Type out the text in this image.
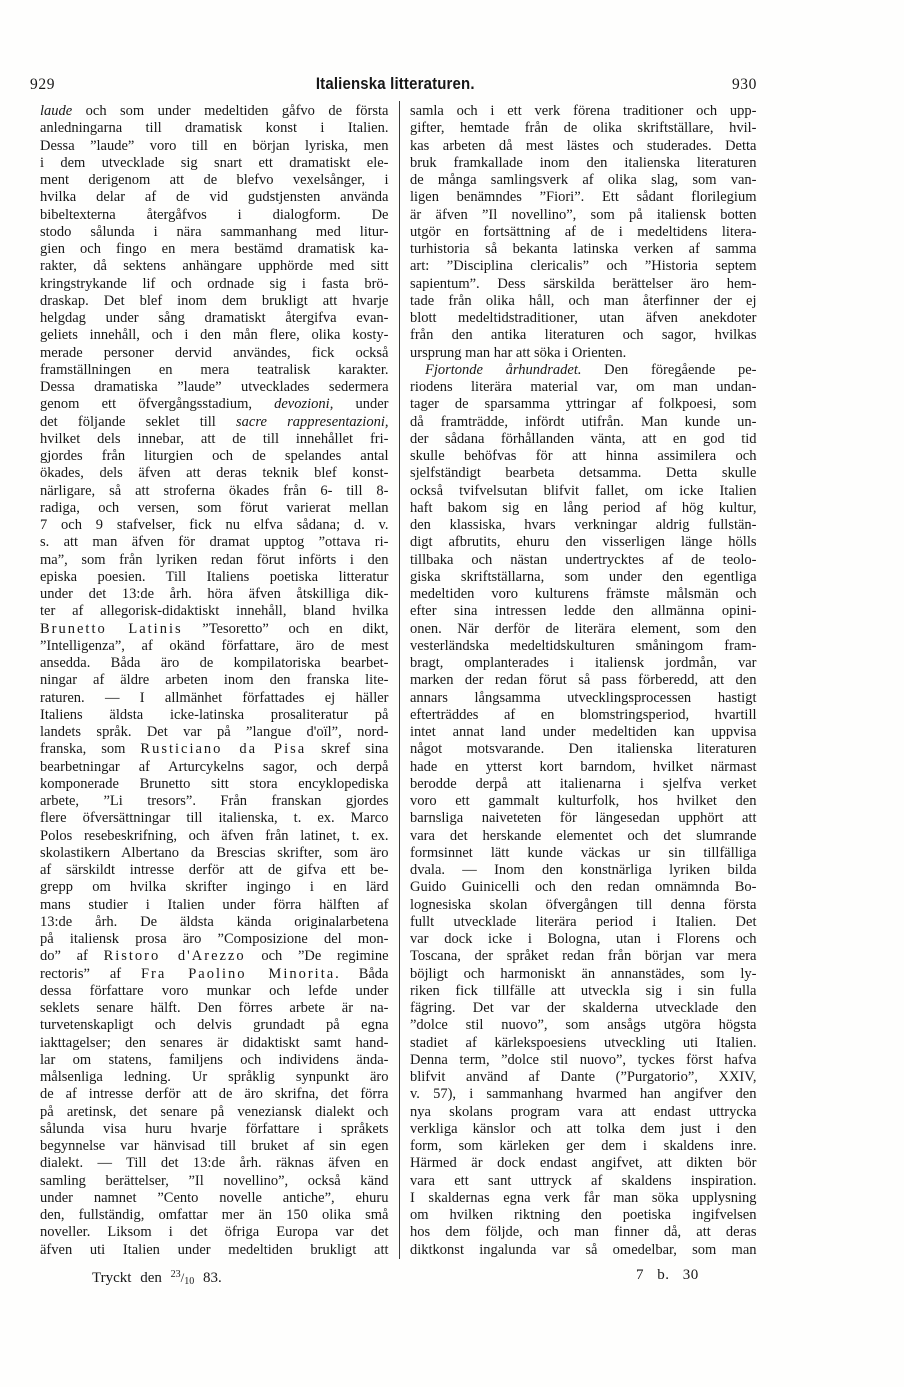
929	Italienska litteraturen.	930
laude och som under medeltiden gåfvo de första
anledningarna till dramatisk konst i Italien.
Dessa ”laude” voro till en början lyriska, men
i dem utvecklade sig snart ett dramatiskt ele-
ment derigenom att de blefvo vexelsånger, i
hvilka delar af de vid gudstjensten använda
bibeltexterna återgåfvos i dialogform. De
stodo sålunda i nära sammanhang med litur-
gien och fingo en mera bestämd dramatisk ka-
rakter, då sektens anhängare upphörde med sitt
kringstrykande lif och ordnade sig i fasta brö-
draskap. Det blef inom dem brukligt att hvarje
helgdag under sång dramatiskt återgifva evan-
geliets innehåll, och i den mån flere, olika kosty-
merade personer dervid användes, fick också
framställningen en mera teatralisk karakter.
Dessa dramatiska ”laude” utvecklades sedermera
genom ett öfvergångsstadium, devozioni, under
det följande seklet till sacre rappresentazioni,
hvilket dels innebar, att de till innehållet fri-
gjordes från liturgien och de spelandes antal
ökades, dels äfven att deras teknik blef konst-
närligare, så att stroferna ökades från 6- till 8-
radiga, och versen, som förut varierat mellan
7 och 9 stafvelser, fick nu elfva sådana; d. v.
s. att man äfven för dramat upptog ”ottava ri-
ma”, som från lyriken redan förut införts i den
episka poesien. Till Italiens poetiska litteratur
under det 13:de årh. höra äfven åtskilliga dik-
ter af allegorisk-didaktiskt innehåll, bland hvilka
Brunetto Latinis ”Tesoretto” och en dikt,
”Intelligenza”, af okänd författare, äro de mest
ansedda. Båda äro de kompilatoriska bearbet-
ningar af äldre arbeten inom den franska lite-
raturen. — I allmänhet författades ej häller
Italiens äldsta icke-latinska prosaliteratur på
landets språk. Det var på ”langue d'oïl”, nord-
franska, som Rusticiano da Pisa skref sina
bearbetningar af Arturcykelns sagor, och derpå
komponerade Brunetto sitt stora encyklopediska
arbete, ”Li tresors”. Från franskan gjordes
flere öfversättningar till italienska, t. ex. Marco
Polos resebeskrifning, och äfven från latinet, t. ex.
skolastikern Albertano da Brescias skrifter, som äro
af särskildt intresse derför att de gifva ett be-
grepp om hvilka skrifter ingingo i en lärd
mans studier i Italien under förra hälften af
13:de årh. De äldsta kända originalarbetena
på italiensk prosa äro ”Composizione del mon-
do” af Ristoro d'Arezzo och ”De regimine
rectoris” af Fra Paolino Minorita. Båda
dessa författare voro munkar och lefde under
seklets senare hälft. Den förres arbete är na-
turvetenskapligt och delvis grundadt på egna
iakttagelser; den senares är didaktiskt samt hand-
lar om statens, familjens och individens ända-
målsenliga ledning. Ur språklig synpunkt äro
de af intresse derför att de äro skrifna, det förra
på aretinsk, det senare på veneziansk dialekt och
sålunda visa huru hvarje författare i språkets
begynnelse var hänvisad till bruket af sin egen
dialekt. — Till det 13:de årh. räknas äfven en
samling berättelser, ”Il novellino”, också känd
under namnet ”Cento novelle antiche”, ehuru
den, fullständig, omfattar mer än 150 olika små
noveller. Liksom i det öfriga Europa var det
äfven uti Italien under medeltiden brukligt att
samla och i ett verk förena traditioner och upp-
gifter, hemtade från de olika skriftställare, hvil-
kas arbeten då mest lästes och studerades. Detta
bruk framkallade inom den italienska literaturen
de många samlingsverk af olika slag, som van-
ligen benämndes ”Fiori”. Ett sådant florilegium
är äfven ”Il novellino”, som på italiensk botten
utgör en fortsättning af de i medeltidens litera-
turhistoria så bekanta latinska verken af samma
art: ”Disciplina clericalis” och ”Historia septem
sapientum”. Dess särskilda berättelser äro hem-
tade från olika håll, och man återfinner der ej
blott medeltidstraditioner, utan äfven anekdoter
från den antika literaturen och sagor, hvilkas
ursprung man har att söka i Orienten.
Fjortonde århundradet. Den föregående pe-
riodens literära material var, om man undan-
tager de sparsamma yttringar af folkpoesi, som
då framträdde, infördt utifrån. Man kunde un-
der sådana förhållanden vänta, att en god tid
skulle behöfvas för att hinna assimilera och
sjelfständigt bearbeta detsamma. Detta skulle
också tvifvelsutan blifvit fallet, om icke Italien
haft bakom sig en lång period af hög kultur,
den klassiska, hvars verkningar aldrig fullstän-
digt afbrutits, ehuru den visserligen länge hölls
tillbaka och nästan undertrycktes af de teolo-
giska skriftställarna, som under den egentliga
medeltiden voro kulturens främste målsmän och
efter sina intressen ledde den allmänna opini-
onen. När derför de literära element, som den
vesterländska medeltidskulturen småningom fram-
bragt, omplanterades i italiensk jordmån, var
marken der redan förut så pass förberedd, att den
annars långsamma utvecklingsprocessen hastigt
efterträddes af en blomstringsperiod, hvartill
intet annat land under medeltiden kan uppvisa
något motsvarande. Den italienska literaturen
hade en ytterst kort barndom, hvilket närmast
berodde derpå att italienarna i sjelfva verket
voro ett gammalt kulturfolk, hos hvilket den
barnsliga naiveteten för längesedan upphört att
vara det herskande elementet och det slumrande
formsinnet lätt kunde väckas ur sin tillfälliga
dvala. — Inom den konstnärliga lyriken bilda
Guido Guinicelli och den redan omnämnda Bo-
lognesiska skolan öfvergången till denna första
fullt utvecklade literära period i Italien. Det
var dock icke i Bologna, utan i Florens och
Toscana, der språket redan från början var mera
böjligt och harmoniskt än annanstädes, som ly-
riken fick tillfälle att utveckla sig i sin fulla
fägring. Det var der skalderna utvecklade den
”dolce stil nuovo”, som ansågs utgöra högsta
stadiet af kärlekspoesiens utveckling uti Italien.
Denna term, ”dolce stil nuovo”, tyckes först hafva
blifvit använd af Dante (”Purgatorio”, XXIV,
v. 57), i sammanhang hvarmed han angifver den
nya skolans program vara att endast uttrycka
verkliga känslor och att tolka dem just i den
form, som kärleken ger dem i skaldens inre.
Härmed är dock endast angifvet, att dikten bör
vara ett sant uttryck af skaldens inspiration.
I skaldernas egna verk får man söka upplysning
om hvilken riktning den poetiska ingifvelsen
hos dem följde, och man finner då, att deras
diktkonst ingalunda var så omedelbar, som man
Tryckt den $^{23}$/10 83.	7 b. 30
